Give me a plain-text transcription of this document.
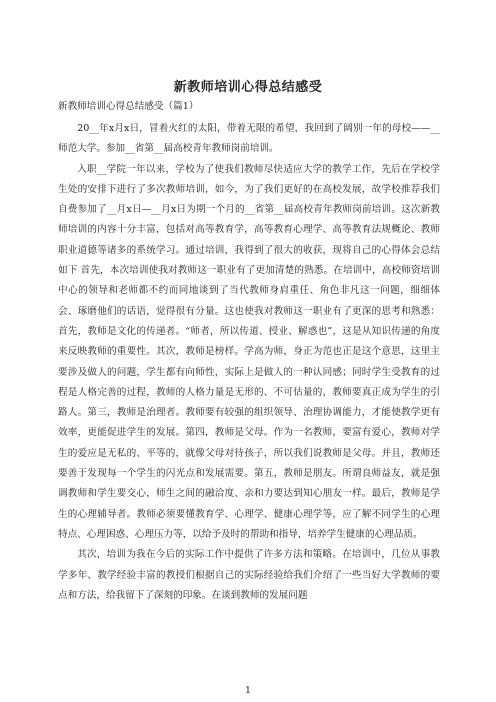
新教师培训心得总结感受
新教师培训心得总结感受（篇1）

20__年x月x日，冒着火红的太阳，带着无限的希望，我回到了阔别一年的母校——__师范大学。参加__省第__届高校青年教师岗前培训。

入职__学院一年以来，学校为了使我们教师尽快适应大学的教学工作，先后在学校学生处的安排下进行了多次教师培训，如今，为了我们更好的在高校发展，故学校推荐我们自费参加了__月x日—__月x日为期一个月的__省第__届高校青年教师岗前培训。这次新教师培训的内容十分丰富，包括对高等教育学，高等教育心理学、高等教育法规概论、教师职业道德等诸多的系统学习。通过培训，我得到了很大的收获，现将自己的心得体会总结如下 首先，本次培训使我对教师这一职业有了更加清楚的熟悉。在培训中，高校师资培训中心的领导和老师都不约而同地谈到了当代教师身肩重任、角色非凡这一问题，细细体会、琢磨他们的话语，觉得很有分量。这也使我对教师这一职业有了更深的思考和熟悉：首先，教师是文化的传递者。“师者，所以传道、授业、解惑也”，这是从知识传递的角度来反映教师的重要性。其次，教师是榜样。学高为师，身正为范也正是这个意思，这里主要涉及做人的问题，学生都有向师性，实际上是做人的一种认同感；同时学生受教育的过程是人格完善的过程，教师的人格力量是无形的、不可估量的，教师要真正成为学生的引路人。第三，教师是治理者。教师要有较强的组织领导、治理协调能力，才能使教学更有效率，更能促进学生的发展。第四，教师是父母。作为一名教师，要富有爱心，教师对学生的爱应是无私的、平等的，就像父母对待孩子，所以我们说教师是父母。并且，教师还要善于发现每一个学生的闪光点和发展需要。第五，教师是朋友。所谓良师益友，就是强调教师和学生要交心，师生之间的融洽度、亲和力要达到知心朋友一样。最后，教师是学生的心理辅导者。教师必须要懂教育学、心理学、健康心理学等，应了解不同学生的心理特点、心理困惑、心理压力等，以给予及时的帮助和指导，培养学生健康的心理品质。

其次，培训为我在今后的实际工作中提供了许多方法和策略。在培训中，几位从事教学多年、教学经验丰富的教授们根据自己的实际经验给我们介绍了一些当好大学教师的要点和方法，给我留下了深刻的印象。在谈到教师的发展问题

1
